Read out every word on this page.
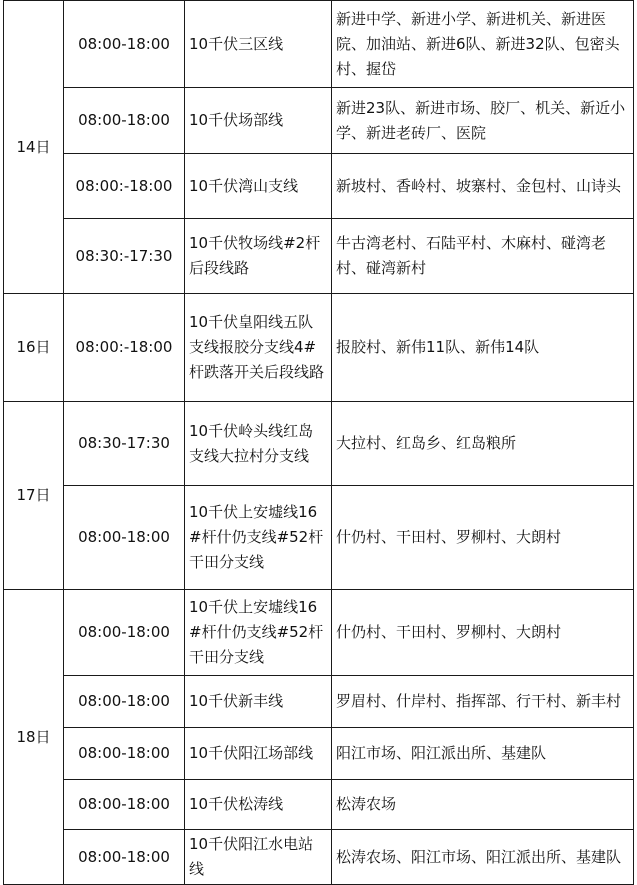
14日	08:00-18:00	10千伏三区线	新进中学、新进小学、新进机关、新进医院、加油站、新进6队、新进32队、包密头村、握岱
	08:00-18:00	10千伏场部线	新进23队、新进市场、胶厂、机关、新近小学、新进老砖厂、医院
	08:00:-18:00	10千伏湾山支线	新坡村、香岭村、坡寨村、金包村、山诗头
	08:30:-17:30	10千伏牧场线#2杆后段线路	牛古湾老村、石陆平村、木麻村、碰湾老村、碰湾新村
16日	08:00:-18:00	10千伏皇阳线五队支线报胶分支线4#杆跌落开关后段线路	报胶村、新伟11队、新伟14队
17日	08:30-17:30	10千伏岭头线红岛支线大拉村分支线	大拉村、红岛乡、红岛粮所
	08:00-18:00	10千伏上安墟线16#杆什仍支线#52杆干田分支线	什仍村、干田村、罗柳村、大朗村
18日	08:00-18:00	10千伏上安墟线16#杆什仍支线#52杆干田分支线	什仍村、干田村、罗柳村、大朗村
	08:00-18:00	10千伏新丰线	罗眉村、什岸村、指挥部、行干村、新丰村
	08:00-18:00	10千伏阳江场部线	阳江市场、阳江派出所、基建队
	08:00-18:00	10千伏松涛线	松涛农场
	08:00-18:00	10千伏阳江水电站线	松涛农场、阳江市场、阳江派出所、基建队
